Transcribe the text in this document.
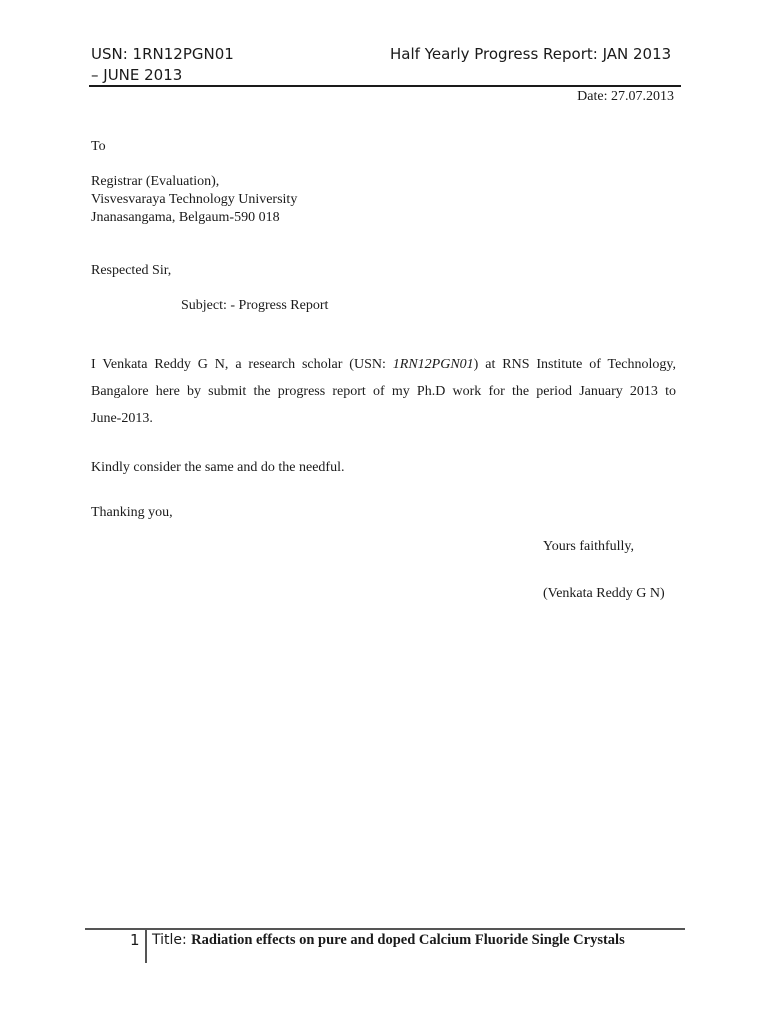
USN: 1RN12PGN01	Half Yearly Progress Report: JAN 2013
– JUNE 2013
Date: 27.07.2013
To
Registrar (Evaluation),
Visvesvaraya Technology University
Jnanasangama, Belgaum-590 018
Respected Sir,
Subject: - Progress Report
I Venkata Reddy G N, a research scholar (USN: 1RN12PGN01) at RNS Institute of Technology,
Bangalore here by submit the progress report of my Ph.D work for the period January 2013 to
June-2013.
Kindly consider the same and do the needful.
Thanking you,
Yours faithfully,
(Venkata Reddy G N)
1 Title: Radiation effects on pure and doped Calcium Fluoride Single Crystals
